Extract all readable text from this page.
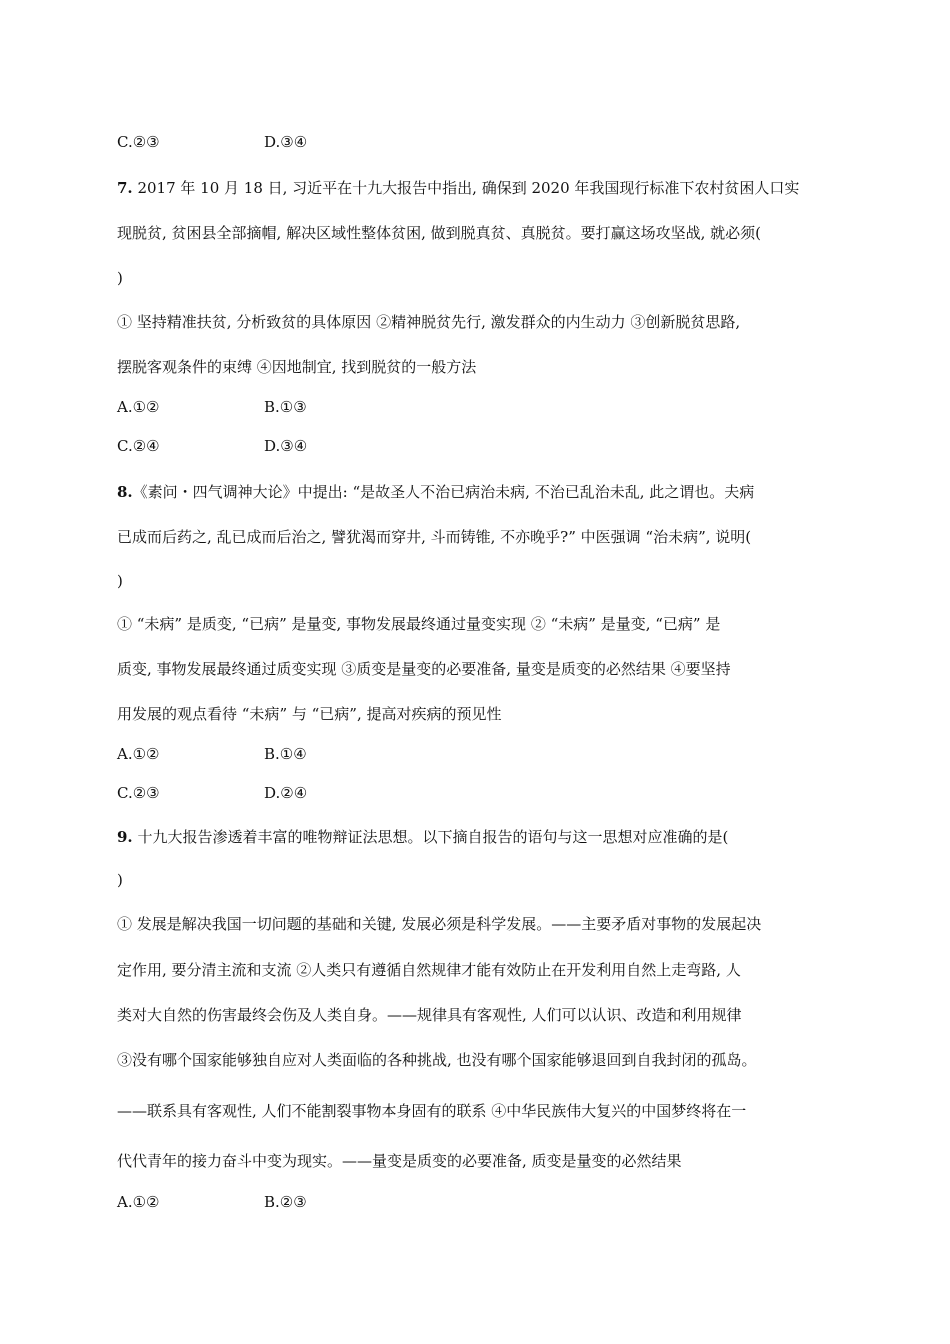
C.②③	D.③④
7. 2017 年 10 月 18 日, 习近平在十九大报告中指出, 确保到 2020 年我国现行标准下农村贫困人口实
现脱贫, 贫困县全部摘帽, 解决区域性整体贫困, 做到脱真贫、真脱贫。要打赢这场攻坚战, 就必须(
)
① 坚持精准扶贫, 分析致贫的具体原因 ②精神脱贫先行, 激发群众的内生动力 ③创新脱贫思路,
摆脱客观条件的束缚 ④因地制宜, 找到脱贫的一般方法
A.①②	B.①③
C.②④	D.③④
8.《素问・四气调神大论》中提出: “是故圣人不治已病治未病, 不治已乱治未乱, 此之谓也。夫病
已成而后药之, 乱已成而后治之, 譬犹渴而穿井, 斗而铸锥, 不亦晚乎?” 中医强调 “治未病”, 说明(
)
① “未病” 是质变, “已病” 是量变, 事物发展最终通过量变实现 ② “未病” 是量变, “已病” 是
质变, 事物发展最终通过质变实现 ③质变是量变的必要准备, 量变是质变的必然结果 ④要坚持
用发展的观点看待 “未病” 与 “已病”, 提高对疾病的预见性
A.①②	B.①④
C.②③	D.②④
9. 十九大报告渗透着丰富的唯物辩证法思想。以下摘自报告的语句与这一思想对应准确的是(
)
① 发展是解决我国一切问题的基础和关键, 发展必须是科学发展。——主要矛盾对事物的发展起决
定作用, 要分清主流和支流 ②人类只有遵循自然规律才能有效防止在开发利用自然上走弯路, 人
类对大自然的伤害最终会伤及人类自身。——规律具有客观性, 人们可以认识、改造和利用规律
③没有哪个国家能够独自应对人类面临的各种挑战, 也没有哪个国家能够退回到自我封闭的孤岛。
——联系具有客观性, 人们不能割裂事物本身固有的联系 ④中华民族伟大复兴的中国梦终将在一
代代青年的接力奋斗中变为现实。——量变是质变的必要准备, 质变是量变的必然结果
A.①②	B.②③
